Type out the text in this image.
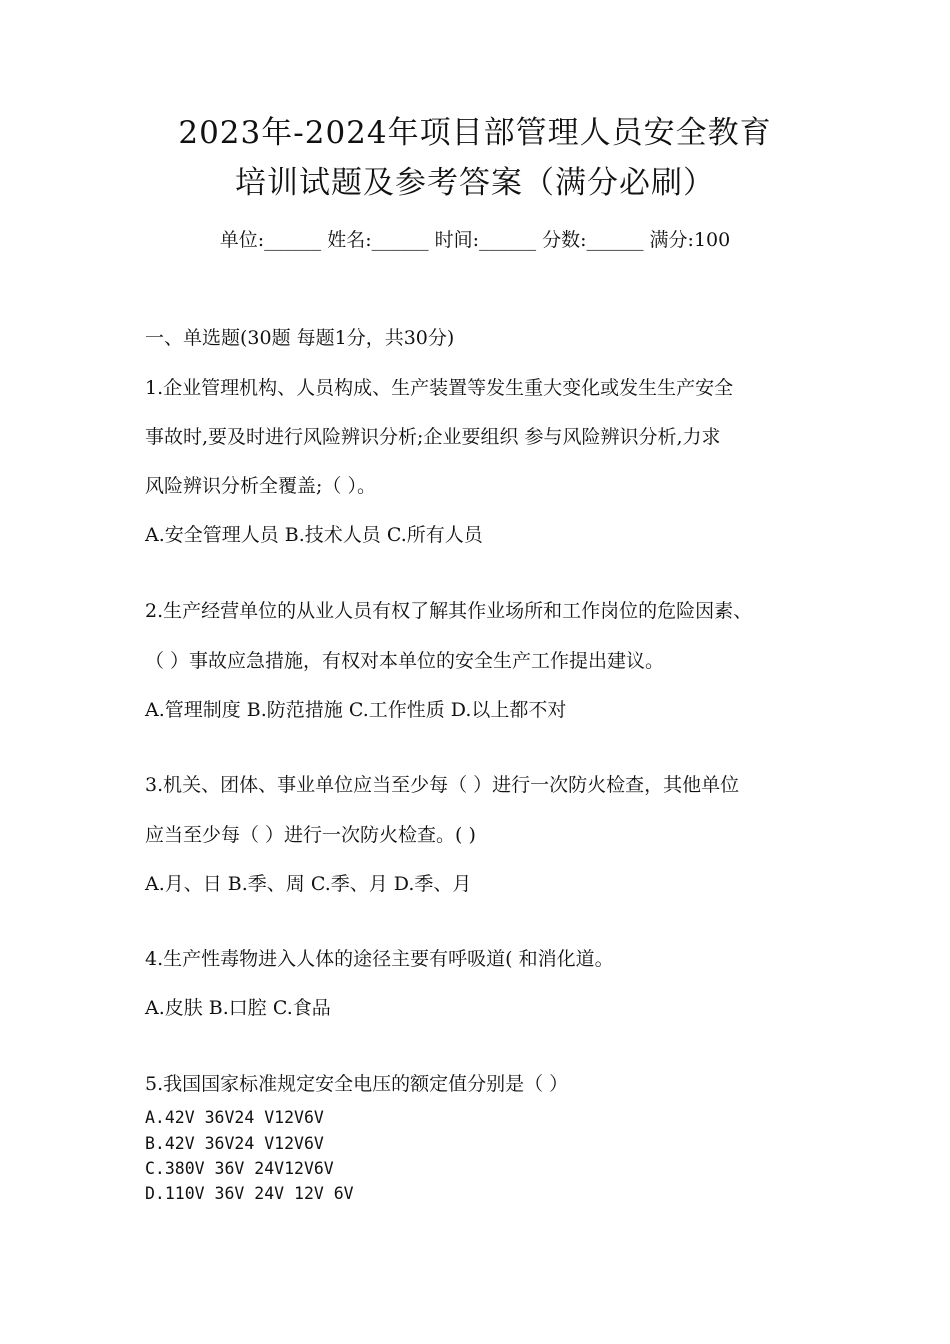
2023年-2024年项目部管理人员安全教育
培训试题及参考答案（满分必刷）
单位:______ 姓名:______ 时间:______ 分数:______ 满分:100
一、单选题(30题 每题1分，共30分)
1.企业管理机构、人员构成、生产装置等发生重大变化或发生生产安全
事故时,要及时进行风险辨识分析;企业要组织 参与风险辨识分析,力求
风险辨识分析全覆盖;（ ）。
A.安全管理人员 B.技术人员 C.所有人员
2.生产经营单位的从业人员有权了解其作业场所和工作岗位的危险因素、
（ ）事故应急措施，有权对本单位的安全生产工作提出建议。
A.管理制度 B.防范措施 C.工作性质 D.以上都不对
3.机关、团体、事业单位应当至少每（ ）进行一次防火检查，其他单位
应当至少每（ ）进行一次防火检查。( )
A.月、日 B.季、周 C.季、月 D.季、月
4.生产性毒物进入人体的途径主要有呼吸道( 和消化道。
A.皮肤 B.口腔 C.食品
5.我国国家标准规定安全电压的额定值分别是（ ）
A.42V 36V24 V12V6V
B.42V 36V24 V12V6V
C.380V 36V 24V12V6V
D.110V 36V 24V 12V 6V
